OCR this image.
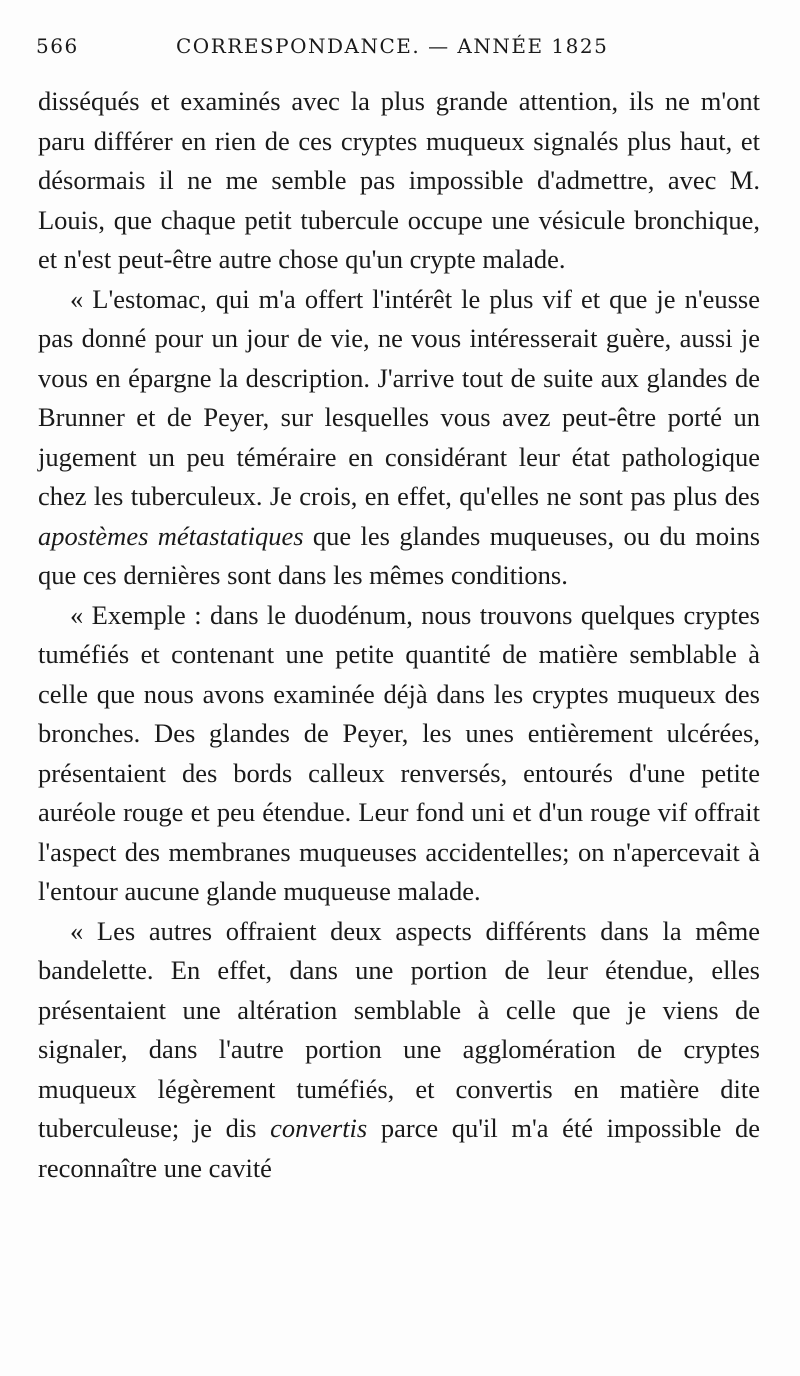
566	CORRESPONDANCE. — ANNÉE 1825

disséqués et examinés avec la plus grande attention, ils ne m'ont paru différer en rien de ces cryptes muqueux signalés plus haut, et désormais il ne me semble pas impossible d'admettre, avec M. Louis, que chaque petit tubercule occupe une vésicule bronchique, et n'est peut-être autre chose qu'un crypte malade.

« L'estomac, qui m'a offert l'intérêt le plus vif et que je n'eusse pas donné pour un jour de vie, ne vous intéresserait guère, aussi je vous en épargne la description. J'arrive tout de suite aux glandes de Brunner et de Peyer, sur lesquelles vous avez peut-être porté un jugement un peu téméraire en considérant leur état pathologique chez les tuberculeux. Je crois, en effet, qu'elles ne sont pas plus des apostèmes métastatiques que les glandes muqueuses, ou du moins que ces dernières sont dans les mêmes conditions.

« Exemple : dans le duodénum, nous trouvons quelques cryptes tuméfiés et contenant une petite quantité de matière semblable à celle que nous avons examinée déjà dans les cryptes muqueux des bronches. Des glandes de Peyer, les unes entièrement ulcérées, présentaient des bords calleux renversés, entourés d'une petite auréole rouge et peu étendue. Leur fond uni et d'un rouge vif offrait l'aspect des membranes muqueuses accidentelles; on n'apercevait à l'entour aucune glande muqueuse malade.

« Les autres offraient deux aspects différents dans la même bandelette. En effet, dans une portion de leur étendue, elles présentaient une altération semblable à celle que je viens de signaler, dans l'autre portion une agglomération de cryptes muqueux légèrement tuméfiés, et convertis en matière dite tuberculeuse; je dis convertis parce qu'il m'a été impossible de reconnaître une cavité
